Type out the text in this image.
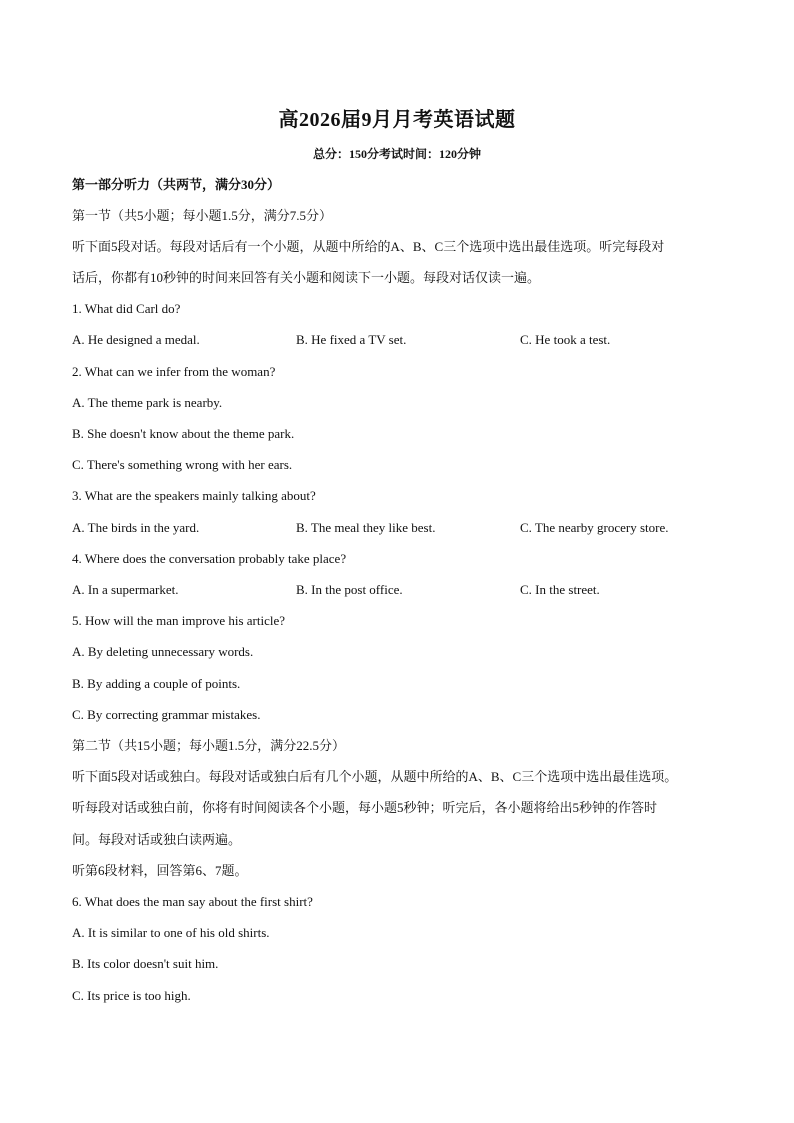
高2026届9月月考英语试题
总分：150分考试时间：120分钟
第一部分听力（共两节，满分30分）
第一节（共5小题；每小题1.5分，满分7.5分）
听下面5段对话。每段对话后有一个小题，从题中所给的A、B、C三个选项中选出最佳选项。听完每段对
话后，你都有10秒钟的时间来回答有关小题和阅读下一小题。每段对话仅读一遍。
1. What did Carl do?
A. He designed a medal.	B. He fixed a TV set.	C. He took a test.
2. What can we infer from the woman?
A. The theme park is nearby.
B. She doesn't know about the theme park.
C. There's something wrong with her ears.
3. What are the speakers mainly talking about?
A. The birds in the yard.	B. The meal they like best.	C. The nearby grocery store.
4. Where does the conversation probably take place?
A. In a supermarket.	B. In the post office.	C. In the street.
5. How will the man improve his article?
A. By deleting unnecessary words.
B. By adding a couple of points.
C. By correcting grammar mistakes.
第二节（共15小题；每小题1.5分，满分22.5分）
听下面5段对话或独白。每段对话或独白后有几个小题，从题中所给的A、B、C三个选项中选出最佳选项。
听每段对话或独白前，你将有时间阅读各个小题，每小题5秒钟；听完后，各小题将给出5秒钟的作答时
间。每段对话或独白读两遍。
听第6段材料，回答第6、7题。
6. What does the man say about the first shirt?
A. It is similar to one of his old shirts.
B. Its color doesn't suit him.
C. Its price is too high.
